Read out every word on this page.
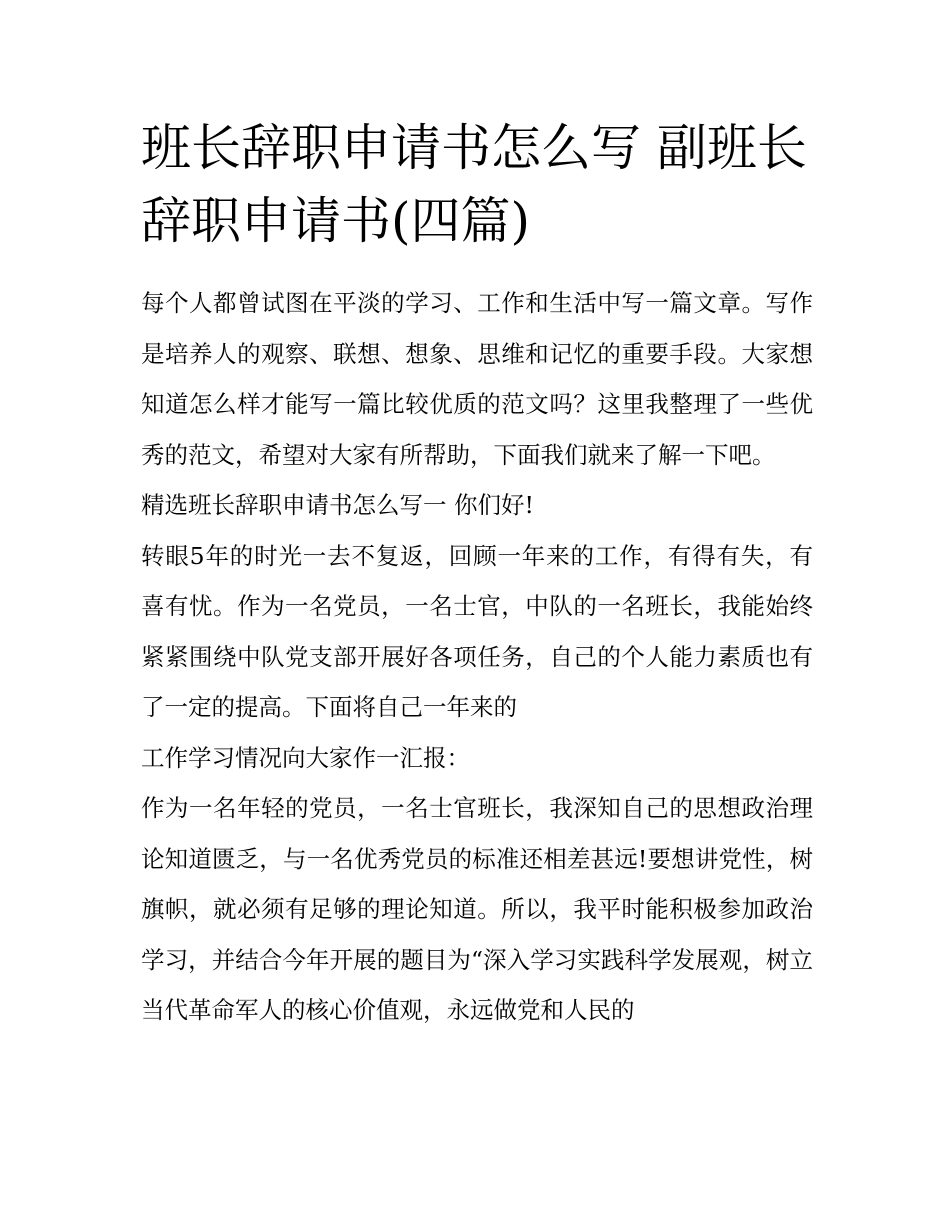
班长辞职申请书怎么写 副班长辞职申请书(四篇)

每个人都曾试图在平淡的学习、工作和生活中写一篇文章。写作是培养人的观察、联想、想象、思维和记忆的重要手段。大家想知道怎么样才能写一篇比较优质的范文吗？这里我整理了一些优秀的范文，希望对大家有所帮助，下面我们就来了解一下吧。

精选班长辞职申请书怎么写一 你们好!

转眼5年的时光一去不复返，回顾一年来的工作，有得有失，有喜有忧。作为一名党员，一名士官，中队的一名班长，我能始终紧紧围绕中队党支部开展好各项任务，自己的个人能力素质也有了一定的提高。下面将自己一年来的

工作学习情况向大家作一汇报：

作为一名年轻的党员，一名士官班长，我深知自己的思想政治理论知道匮乏，与一名优秀党员的标准还相差甚远!要想讲党性，树旗帜，就必须有足够的理论知道。所以，我平时能积极参加政治学习，并结合今年开展的题目为“深入学习实践科学发展观，树立当代革命军人的核心价值观，永远做党和人民的
